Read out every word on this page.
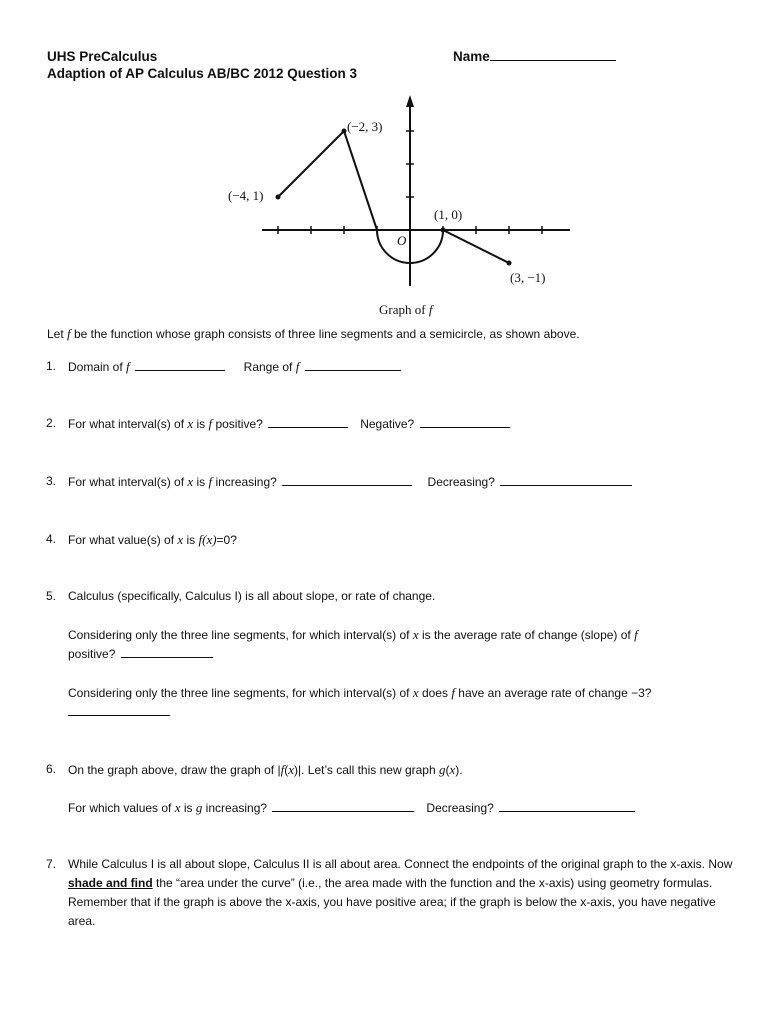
UHS PreCalculus
Adaption of AP Calculus AB/BC 2012 Question 3
Name
(−4, 1)
(−2, 3)
(1, 0)
(3, −1)
O
Graph of f
Let f be the function whose graph consists of three line segments and a semicircle, as shown above.
1. Domain of f	Range of f
2. For what interval(s) of x is f positive?	Negative?
3. For what interval(s) of x is f increasing?	Decreasing?
4. For what value(s) of x is f(x)=0?
5. Calculus (specifically, Calculus I) is all about slope, or rate of change.
Considering only the three line segments, for which interval(s) of x is the average rate of change (slope) of f
positive?
Considering only the three line segments, for which interval(s) of x does f have an average rate of change −3?

6. On the graph above, draw the graph of |f(x)|. Let’s call this new graph g(x).
For which values of x is g increasing?	Decreasing?
7. While Calculus I is all about slope, Calculus II is all about area. Connect the endpoints of the original graph to the x-axis. Now shade and find the “area under the curve” (i.e., the area made with the function and the x-axis) using geometry formulas. Remember that if the graph is above the x-axis, you have positive area; if the graph is below the x-axis, you have negative area.
